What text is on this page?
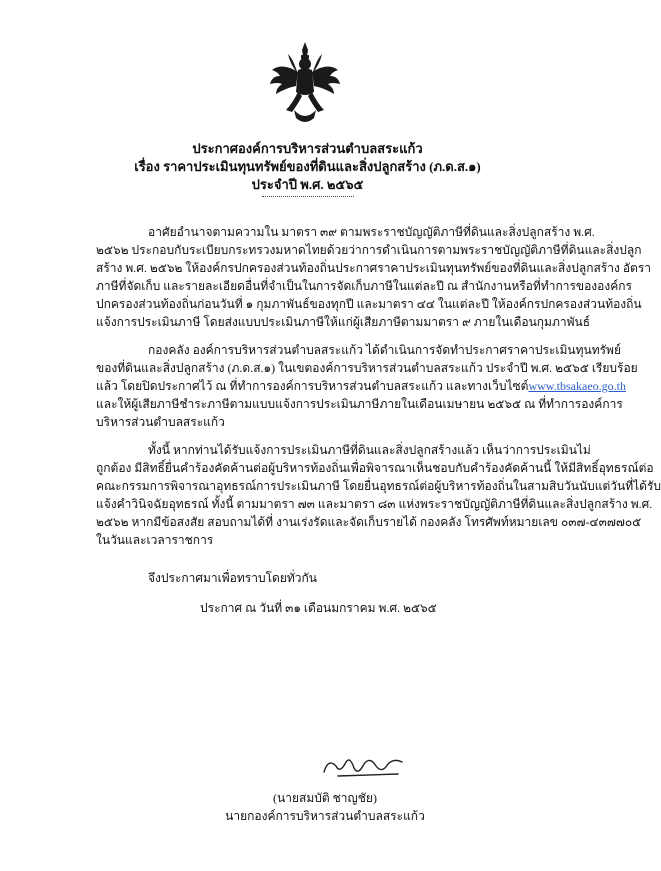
ประกาศองค์การบริหารส่วนตำบลสระแก้ว
เรื่อง ราคาประเมินทุนทรัพย์ของที่ดินและสิ่งปลูกสร้าง (ภ.ด.ส.๑)
ประจำปี พ.ศ. ๒๕๖๕
อาศัยอำนาจตามความใน มาตรา ๓๙ ตามพระราชบัญญัติภาษีที่ดินและสิ่งปลูกสร้าง พ.ศ.
๒๕๖๒ ประกอบกับระเบียบกระทรวงมหาดไทยด้วยว่าการดำเนินการตามพระราชบัญญัติภาษีที่ดินและสิ่งปลูก
สร้าง พ.ศ. ๒๕๖๒ ให้องค์กรปกครองส่วนท้องถิ่นประกาศราคาประเมินทุนทรัพย์ของที่ดินและสิ่งปลูกสร้าง อัตรา
ภาษีที่จัดเก็บ และรายละเอียดอื่นที่จำเป็นในการจัดเก็บภาษีในแต่ละปี ณ สำนักงานหรือที่ทำการขององค์กร
ปกครองส่วนท้องถิ่นก่อนวันที่ ๑ กุมภาพันธ์ของทุกปี และมาตรา ๔๔ ในแต่ละปี ให้องค์กรปกครองส่วนท้องถิ่น
แจ้งการประเมินภาษี โดยส่งแบบประเมินภาษีให้แก่ผู้เสียภาษีตามมาตรา ๙ ภายในเดือนกุมภาพันธ์
กองคลัง องค์การบริหารส่วนตำบลสระแก้ว ได้ดำเนินการจัดทำประกาศราคาประเมินทุนทรัพย์
ของที่ดินและสิ่งปลูกสร้าง (ภ.ด.ส.๑) ในเขตองค์การบริหารส่วนตำบลสระแก้ว ประจำปี พ.ศ. ๒๕๖๕ เรียบร้อย
แล้ว โดยปิดประกาศไว้ ณ ที่ทำการองค์การบริหารส่วนตำบลสระแก้ว และทางเว็บไซต์ www.tbsakaeo.go.th
และให้ผู้เสียภาษีชำระภาษีตามแบบแจ้งการประเมินภาษีภายในเดือนเมษายน ๒๕๖๕ ณ ที่ทำการองค์การ
บริหารส่วนตำบลสระแก้ว
ทั้งนี้ หากท่านได้รับแจ้งการประเมินภาษีที่ดินและสิ่งปลูกสร้างแล้ว เห็นว่าการประเมินไม่
ถูกต้อง มีสิทธิ์ยื่นคำร้องคัดค้านต่อผู้บริหารท้องถิ่นเพื่อพิจารณาเห็นชอบกับคำร้องคัดค้านนี้ ให้มีสิทธิ์อุทธรณ์ต่อ
คณะกรรมการพิจารณาอุทธรณ์การประเมินภาษี โดยยื่นอุทธรณ์ต่อผู้บริหารท้องถิ่นในสามสิบวันนับแต่วันที่ได้รับ
แจ้งคำวินิจฉัยอุทธรณ์ ทั้งนี้ ตามมาตรา ๗๓ และมาตรา ๘๓ แห่งพระราชบัญญัติภาษีที่ดินและสิ่งปลูกสร้าง พ.ศ.
๒๕๖๒ หากมีข้อสงสัย สอบถามได้ที่ งานเร่งรัดและจัดเก็บรายได้ กองคลัง โทรศัพท์หมายเลข ๐๓๗-๔๓๗๗๐๕
ในวันและเวลาราชการ
จึงประกาศมาเพื่อทราบโดยทั่วกัน
ประกาศ ณ วันที่ ๓๑ เดือนมกราคม พ.ศ. ๒๕๖๕
(นายสมบัติ ชาญชัย)
นายกองค์การบริหารส่วนตำบลสระแก้ว
